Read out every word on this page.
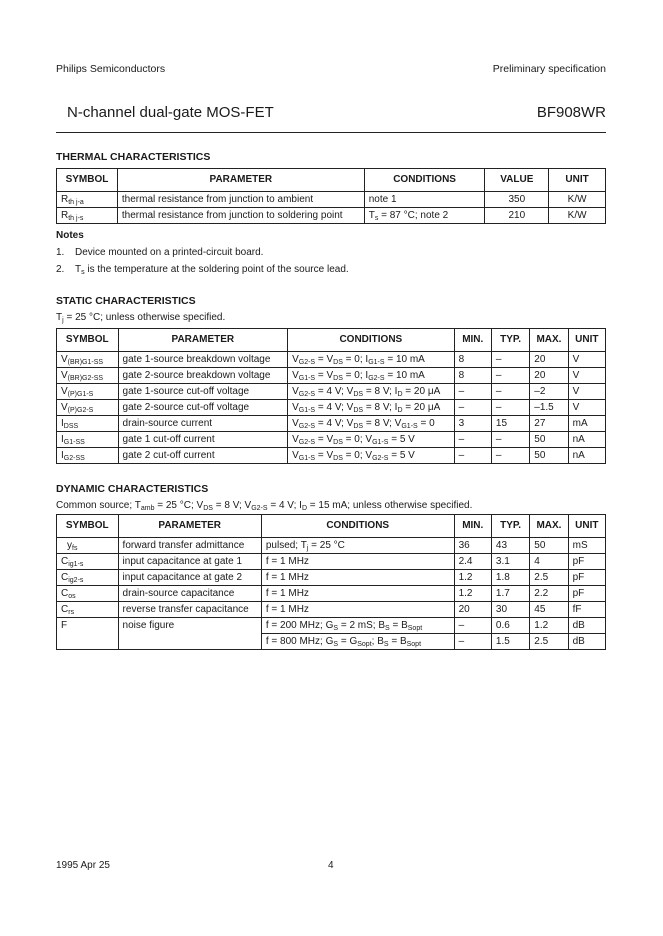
Philips Semiconductors	Preliminary specification
N-channel dual-gate MOS-FET	BF908WR
THERMAL CHARACTERISTICS
SYMBOL	PARAMETER	CONDITIONS	VALUE	UNIT
$R_{th j-a}$	thermal resistance from junction to ambient	note 1	350	K/W
$R_{th j-s}$	thermal resistance from junction to soldering point	$T_s = 87$ °C; note 2	210	K/W
Notes
1. Device mounted on a printed-circuit board.
2. $T_s$ is the temperature at the soldering point of the source lead.
STATIC CHARACTERISTICS
$T_j = 25$ °C; unless otherwise specified.
SYMBOL	PARAMETER	CONDITIONS	MIN.	TYP.	MAX.	UNIT
$V_{(BR)G1-SS}$	gate 1-source breakdown voltage	$V_{G2-S} = V_{DS} = 0$; $I_{G1-S} = 10$ mA	8	–	20	V
$V_{(BR)G2-SS}$	gate 2-source breakdown voltage	$V_{G1-S} = V_{DS} = 0$; $I_{G2-S} = 10$ mA	8	–	20	V
$V_{(P)G1-S}$	gate 1-source cut-off voltage	$V_{G2-S} = 4$ V; $V_{DS} = 8$ V; $I_D = 20$ μA	–	–	–2	V
$V_{(P)G2-S}$	gate 2-source cut-off voltage	$V_{G1-S} = 4$ V; $V_{DS} = 8$ V; $I_D = 20$ μA	–	–	–1.5	V
$I_{DSS}$	drain-source current	$V_{G2-S} = 4$ V; $V_{DS} = 8$ V; $V_{G1-S} = 0$	3	15	27	mA
$I_{G1-SS}$	gate 1 cut-off current	$V_{G2-S} = V_{DS} = 0$; $V_{G1-S} = 5$ V	–	–	50	nA
$I_{G2-SS}$	gate 2 cut-off current	$V_{G1-S} = V_{DS} = 0$; $V_{G2-S} = 5$ V	–	–	50	nA
DYNAMIC CHARACTERISTICS
Common source; $T_{amb} = 25$ °C; $V_{DS} = 8$ V; $V_{G2-S} = 4$ V; $I_D = 15$ mA; unless otherwise specified.
SYMBOL	PARAMETER	CONDITIONS	MIN.	TYP.	MAX.	UNIT
$y_{fs}$	forward transfer admittance	pulsed; $T_j = 25$ °C	36	43	50	mS
$C_{ig1-s}$	input capacitance at gate 1	f = 1 MHz	2.4	3.1	4	pF
$C_{ig2-s}$	input capacitance at gate 2	f = 1 MHz	1.2	1.8	2.5	pF
$C_{os}$	drain-source capacitance	f = 1 MHz	1.2	1.7	2.2	pF
$C_{rs}$	reverse transfer capacitance	f = 1 MHz	20	30	45	fF
F	noise figure	f = 200 MHz; $G_S = 2$ mS; $B_S = B_{Sopt}$	–	0.6	1.2	dB
		f = 800 MHz; $G_S = G_{Sopt}$; $B_S = B_{Sopt}$	–	1.5	2.5	dB
1995 Apr 25	4
